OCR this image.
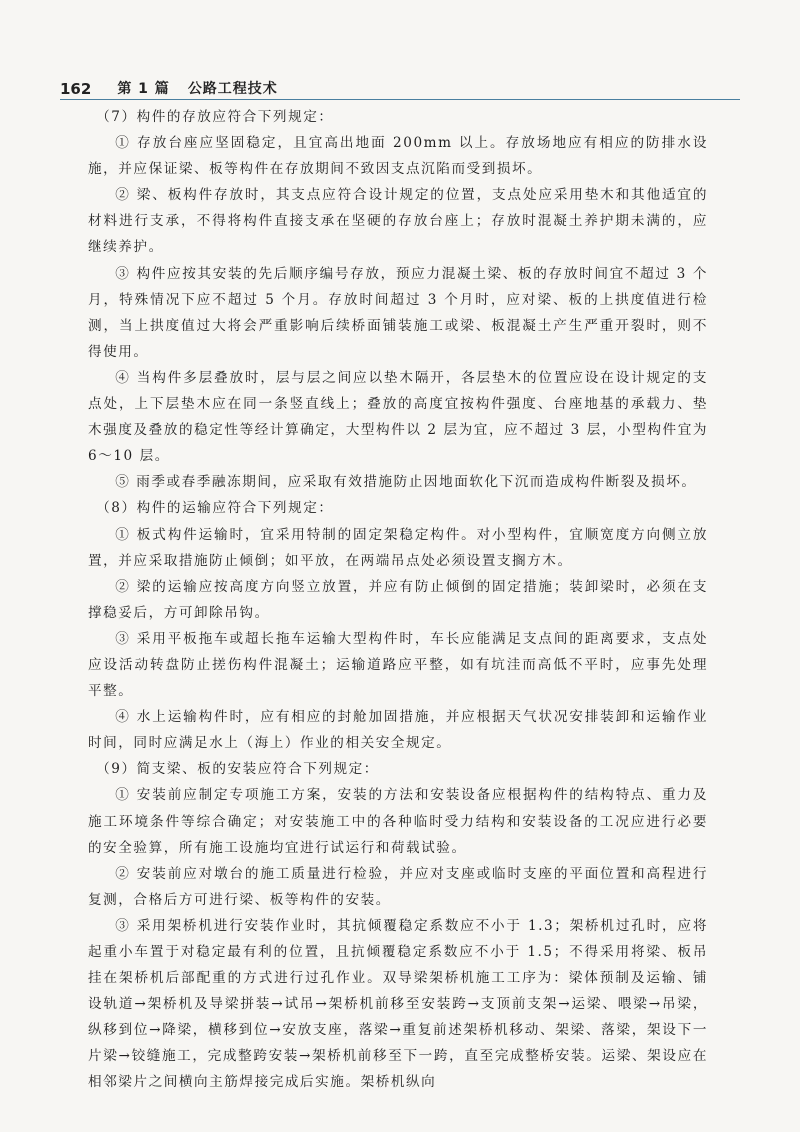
162 第 1 篇 公路工程技术

（7）构件的存放应符合下列规定：

① 存放台座应坚固稳定，且宜高出地面 200mm 以上。存放场地应有相应的防排水设施，并应保证梁、板等构件在存放期间不致因支点沉陷而受到损坏。

② 梁、板构件存放时，其支点应符合设计规定的位置，支点处应采用垫木和其他适宜的材料进行支承，不得将构件直接支承在坚硬的存放台座上；存放时混凝土养护期未满的，应继续养护。

③ 构件应按其安装的先后顺序编号存放，预应力混凝土梁、板的存放时间宜不超过 3 个月，特殊情况下应不超过 5 个月。存放时间超过 3 个月时，应对梁、板的上拱度值进行检测，当上拱度值过大将会严重影响后续桥面铺装施工或梁、板混凝土产生严重开裂时，则不得使用。

④ 当构件多层叠放时，层与层之间应以垫木隔开，各层垫木的位置应设在设计规定的支点处，上下层垫木应在同一条竖直线上；叠放的高度宜按构件强度、台座地基的承载力、垫木强度及叠放的稳定性等经计算确定，大型构件以 2 层为宜，应不超过 3 层，小型构件宜为 6～10 层。

⑤ 雨季或春季融冻期间，应采取有效措施防止因地面软化下沉而造成构件断裂及损坏。

（8）构件的运输应符合下列规定：

① 板式构件运输时，宜采用特制的固定架稳定构件。对小型构件，宜顺宽度方向侧立放置，并应采取措施防止倾倒；如平放，在两端吊点处必须设置支搁方木。

② 梁的运输应按高度方向竖立放置，并应有防止倾倒的固定措施；装卸梁时，必须在支撑稳妥后，方可卸除吊钩。

③ 采用平板拖车或超长拖车运输大型构件时，车长应能满足支点间的距离要求，支点处应设活动转盘防止搓伤构件混凝土；运输道路应平整，如有坑洼而高低不平时，应事先处理平整。

④ 水上运输构件时，应有相应的封舱加固措施，并应根据天气状况安排装卸和运输作业时间，同时应满足水上（海上）作业的相关安全规定。

（9）简支梁、板的安装应符合下列规定：

① 安装前应制定专项施工方案，安装的方法和安装设备应根据构件的结构特点、重力及施工环境条件等综合确定；对安装施工中的各种临时受力结构和安装设备的工况应进行必要的安全验算，所有施工设施均宜进行试运行和荷载试验。

② 安装前应对墩台的施工质量进行检验，并应对支座或临时支座的平面位置和高程进行复测，合格后方可进行梁、板等构件的安装。

③ 采用架桥机进行安装作业时，其抗倾覆稳定系数应不小于 1.3；架桥机过孔时，应将起重小车置于对稳定最有利的位置，且抗倾覆稳定系数应不小于 1.5；不得采用将梁、板吊挂在架桥机后部配重的方式进行过孔作业。双导梁架桥机施工工序为：梁体预制及运输、铺设轨道→架桥机及导梁拼装→试吊→架桥机前移至安装跨→支顶前支架→运梁、喂梁→吊梁，纵移到位→降梁，横移到位→安放支座，落梁→重复前述架桥机移动、架梁、落梁，架设下一片梁→铰缝施工，完成整跨安装→架桥机前移至下一跨，直至完成整桥安装。运梁、架设应在相邻梁片之间横向主筋焊接完成后实施。架桥机纵向
